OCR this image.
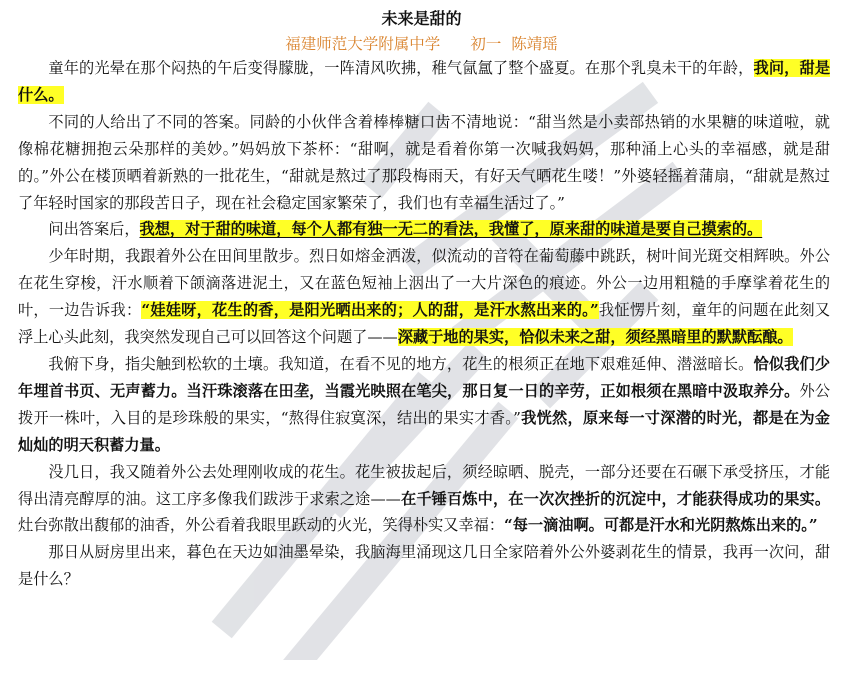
未来是甜的
福建师范大学附属中学 初一 陈靖瑶

童年的光晕在那个闷热的午后变得朦胧，一阵清风吹拂，稚气氤氲了整个盛夏。在那个乳臭未干的年龄，我问，甜是什么。

不同的人给出了不同的答案。同龄的小伙伴含着棒棒糖口齿不清地说：“甜当然是小卖部热销的水果糖的味道啦，就像棉花糖拥抱云朵那样的美妙。”妈妈放下茶杯：“甜啊，就是看着你第一次喊我妈妈，那种涌上心头的幸福感，就是甜的。”外公在楼顶晒着新熟的一批花生，“甜就是熬过了那段梅雨天，有好天气晒花生喽！”外婆轻摇着蒲扇，“甜就是熬过了年轻时国家的那段苦日子，现在社会稳定国家繁荣了，我们也有幸福生活过了。”

问出答案后，我想，对于甜的味道，每个人都有独一无二的看法，我懂了，原来甜的味道是要自己摸索的。

少年时期，我跟着外公在田间里散步。烈日如熔金洒泼，似流动的音符在葡萄藤中跳跃，树叶间光斑交相辉映。外公在花生穿梭，汗水顺着下颌滴落进泥土，又在蓝色短袖上洇出了一大片深色的痕迹。外公一边用粗糙的手摩挲着花生的叶，一边告诉我：“娃娃呀，花生的香，是阳光晒出来的；人的甜，是汗水熬出来的。”我怔愣片刻，童年的问题在此刻又浮上心头此刻，我突然发现自己可以回答这个问题了——深藏于地的果实，恰似未来之甜，须经黑暗里的默默酝酿。

我俯下身，指尖触到松软的土壤。我知道，在看不见的地方，花生的根须正在地下艰难延伸、潜滋暗长。恰似我们少年埋首书页、无声蓄力。当汗珠滚落在田垄，当霞光映照在笔尖，那日复一日的辛劳，正如根须在黑暗中汲取养分。外公拨开一株叶，入目的是珍珠般的果实，“熬得住寂寞深，结出的果实才香。”我恍然，原来每一寸深潜的时光，都是在为金灿灿的明天积蓄力量。

没几日，我又随着外公去处理刚收成的花生。花生被拔起后，须经晾晒、脱壳，一部分还要在石碾下承受挤压，才能得出清亮醇厚的油。这工序多像我们跋涉于求索之途——在千锤百炼中，在一次次挫折的沉淀中，才能获得成功的果实。灶台弥散出馥郁的油香，外公看着我眼里跃动的火光，笑得朴实又幸福：“每一滴油啊。可都是汗水和光阴熬炼出来的。”

那日从厨房里出来，暮色在天边如油墨晕染，我脑海里涌现这几日全家陪着外公外婆剥花生的情景，我再一次问，甜是什么？
